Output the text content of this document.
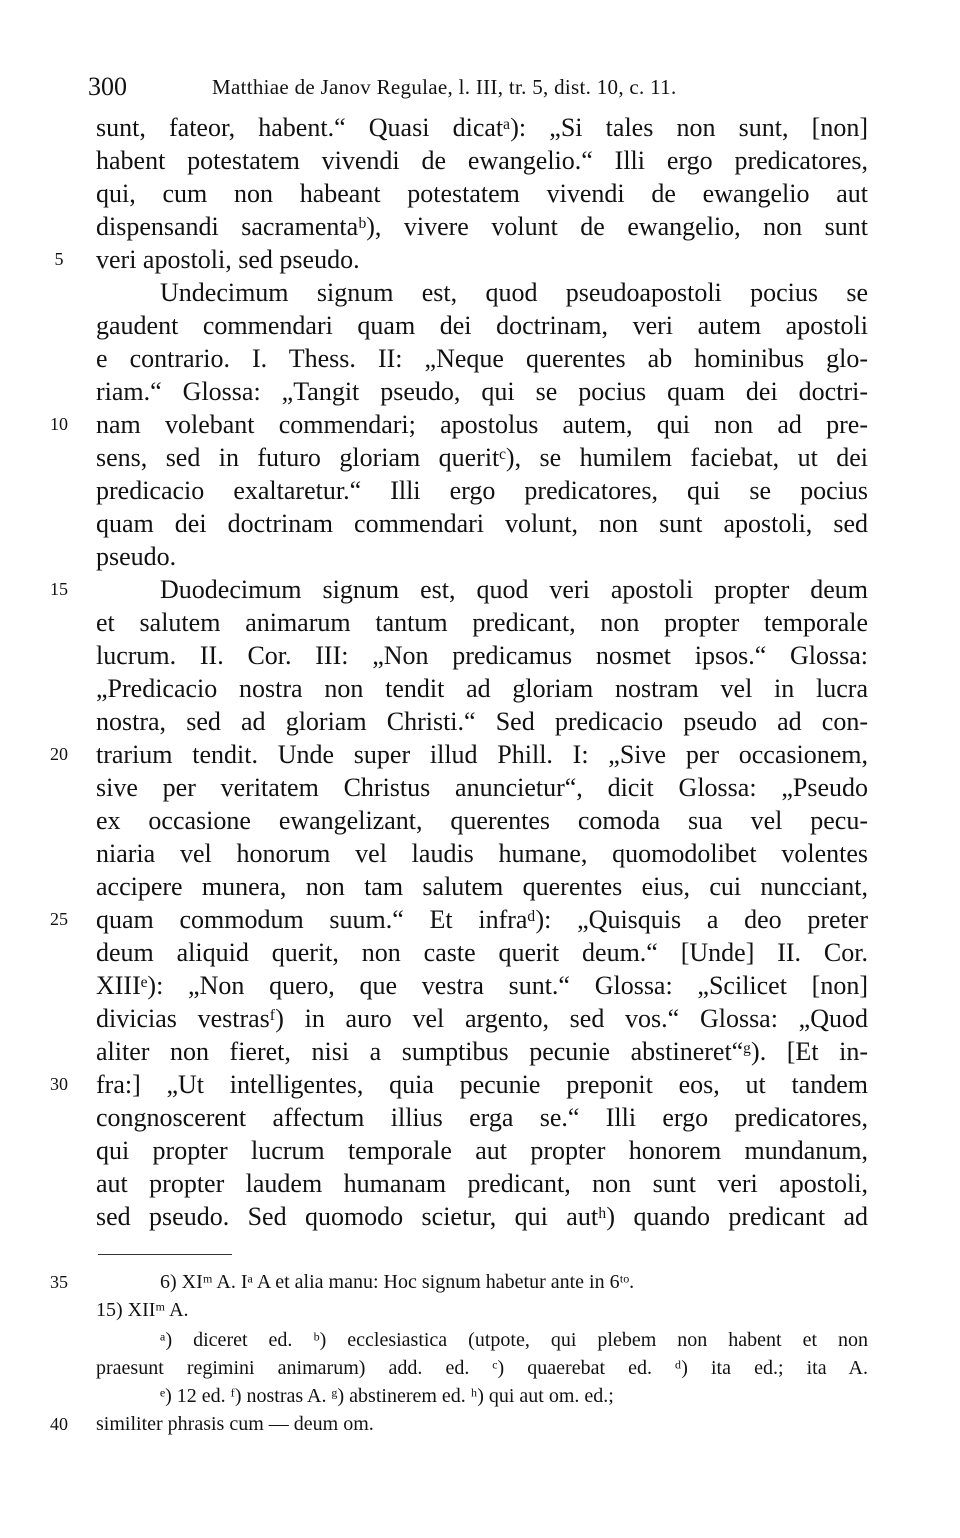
300	Matthiae de Janov Regulae, l. III, tr. 5, dist. 10, c. 11.
sunt, fateor, habent.“ Quasi dicatᵃ): „Si tales non sunt, [non]
habent potestatem vivendi de ewangelio.“ Illi ergo predicatores,
qui, cum non habeant potestatem vivendi de ewangelio aut
dispensandi sacramentaᵇ), vivere volunt de ewangelio, non sunt
5	veri apostoli, sed pseudo.
Undecimum signum est, quod pseudoapostoli pocius se
gaudent commendari quam dei doctrinam, veri autem apostoli
e contrario. I. Thess. II: „Neque querentes ab hominibus glo-
riam.“ Glossa: „Tangit pseudo, qui se pocius quam dei doctri-
10 nam volebant commendari; apostolus autem, qui non ad pre-
sens, sed in futuro gloriam queritᶜ), se humilem faciebat, ut dei
predicacio exaltaretur.“ Illi ergo predicatores, qui se pocius
quam dei doctrinam commendari volunt, non sunt apostoli, sed
pseudo.
15	Duodecimum signum est, quod veri apostoli propter deum
et salutem animarum tantum predicant, non propter temporale
lucrum. II. Cor. III: „Non predicamus nosmet ipsos.“ Glossa:
„Predicacio nostra non tendit ad gloriam nostram vel in lucra
nostra, sed ad gloriam Christi.“ Sed predicacio pseudo ad con-
20 trarium tendit. Unde super illud Phill. I: „Sive per occasionem,
sive per veritatem Christus anuncietur“, dicit Glossa: „Pseudo
ex occasione ewangelizant, querentes comoda sua vel pecu-
niaria vel honorum vel laudis humane, quomodolibet volentes
accipere munera, non tam salutem querentes eius, cui nuncciant,
25 quam commodum suum.“ Et infraᵈ): „Quisquis a deo preter
deum aliquid querit, non caste querit deum.“ [Unde] II. Cor.
XIIIᵉ): „Non quero, que vestra sunt.“ Glossa: „Scilicet [non]
divicias vestrasᶠ) in auro vel argento, sed vos.“ Glossa: „Quod
aliter non fieret, nisi a sumptibus pecunie abstineret“ᵍ). [Et in-
30 fra:] „Ut intelligentes, quia pecunie preponit eos, ut tandem
congnoscerent affectum illius erga se.“ Illi ergo predicatores,
qui propter lucrum temporale aut propter honorem mundanum,
aut propter laudem humanam predicant, non sunt veri apostoli,
sed pseudo. Sed quomodo scietur, qui autʰ) quando predicant ad
35	6) XIᵐ A. Iᵃ A et alia manu: Hoc signum habetur ante in 6ᵗᵒ.
15) XIIᵐ A.
ᵃ) diceret ed. ᵇ) ecclesiastica (utpote, qui plebem non habent et non
praesunt regimini animarum) add. ed. ᶜ) quaerebat ed. ᵈ) ita ed.; ita A.
ᵉ) 12 ed. ᶠ) nostras A. ᵍ) abstinerem ed. ʰ) qui aut om. ed.;
40 similiter phrasis cum — deum om.
